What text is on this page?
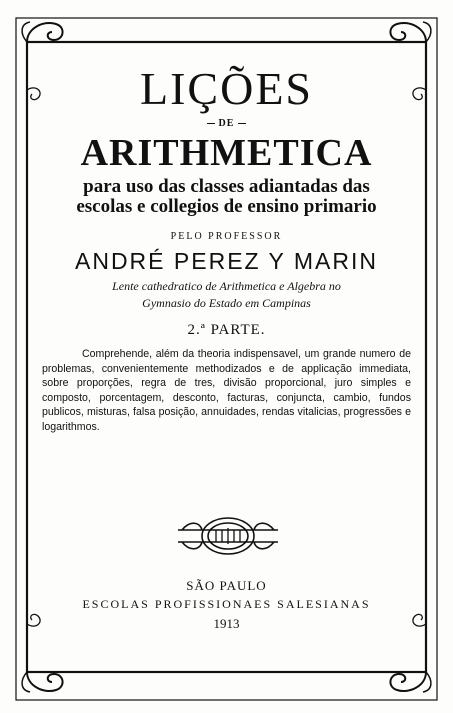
LIÇÕES
DE
ARITHMETICA
para uso das classes adiantadas das
escolas e collegios de ensino primario
PELO PROFESSOR
ANDRÉ PEREZ Y MARIN
Lente cathedratico de Arithmetica e Algebra no
Gymnasio do Estado em Campinas
2.ª PARTE.

Comprehende, além da theoria indispensavel, um grande numero de problemas, convenientemente methodizados e de applicação immediata, sobre proporções, regra de tres, divisão proporcional, juro simples e composto, porcentagem, desconto, facturas, conjuncta, cambio, fundos publicos, misturas, falsa posição, annuidades, rendas vitalicias, progressões e logarithmos.

SÃO PAULO
ESCOLAS PROFISSIONAES SALESIANAS
1913
